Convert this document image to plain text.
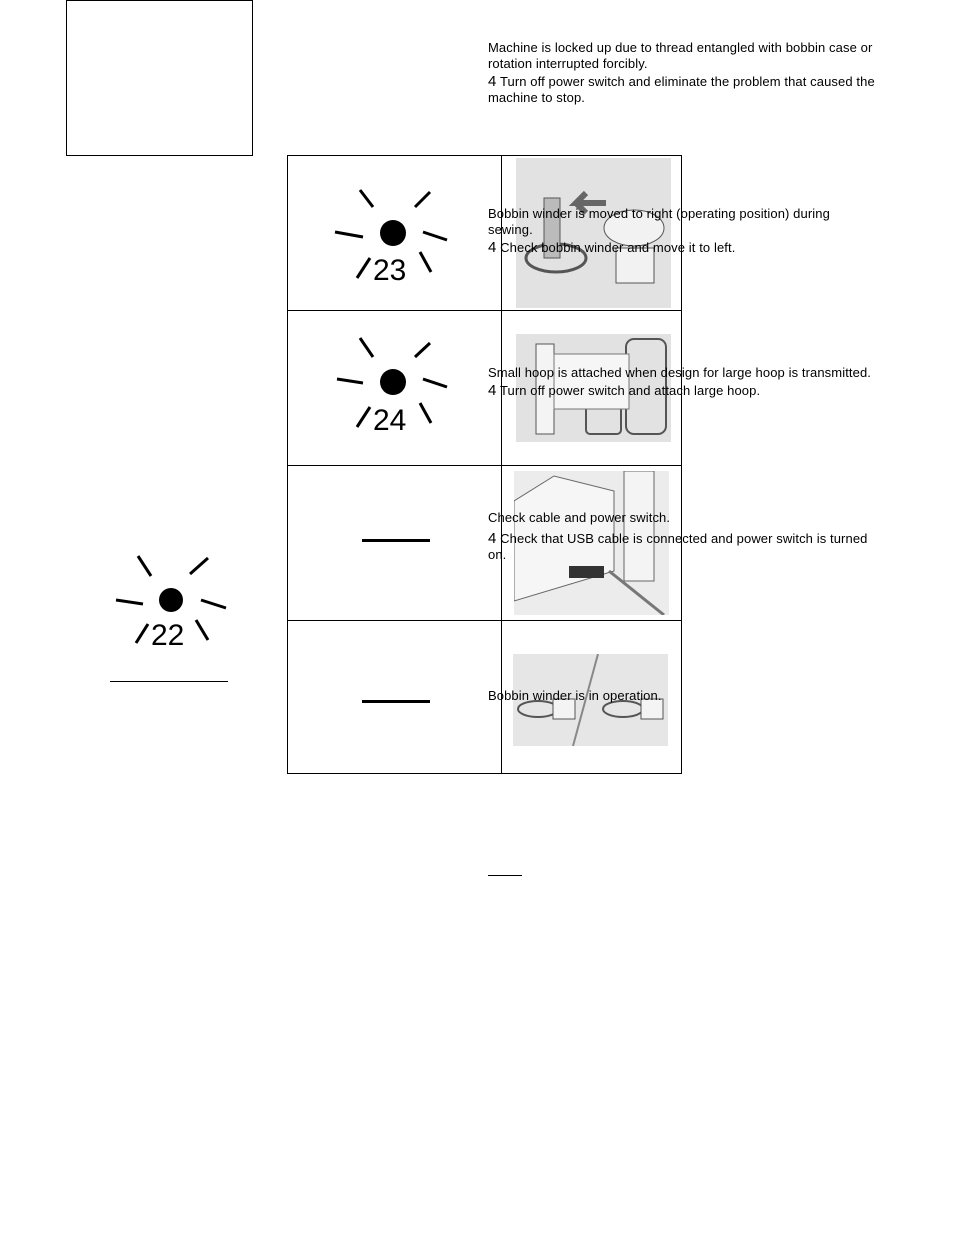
Machine is locked up due to thread entangled with bobbin case or rotation interrupted forcibly.
4 Turn off power switch and eliminate the problem that caused the machine to stop.
23
24
Bobbin winder is moved to right (operating position) during sewing.
4 Check bobbin winder and move it to left.
Small hoop is attached when design for large hoop is transmitted.
4 Turn off power switch and attach large hoop.
Check cable and power switch.
4 Check that USB cable is connected and power switch is turned on.
Bobbin winder is in operation.
22
